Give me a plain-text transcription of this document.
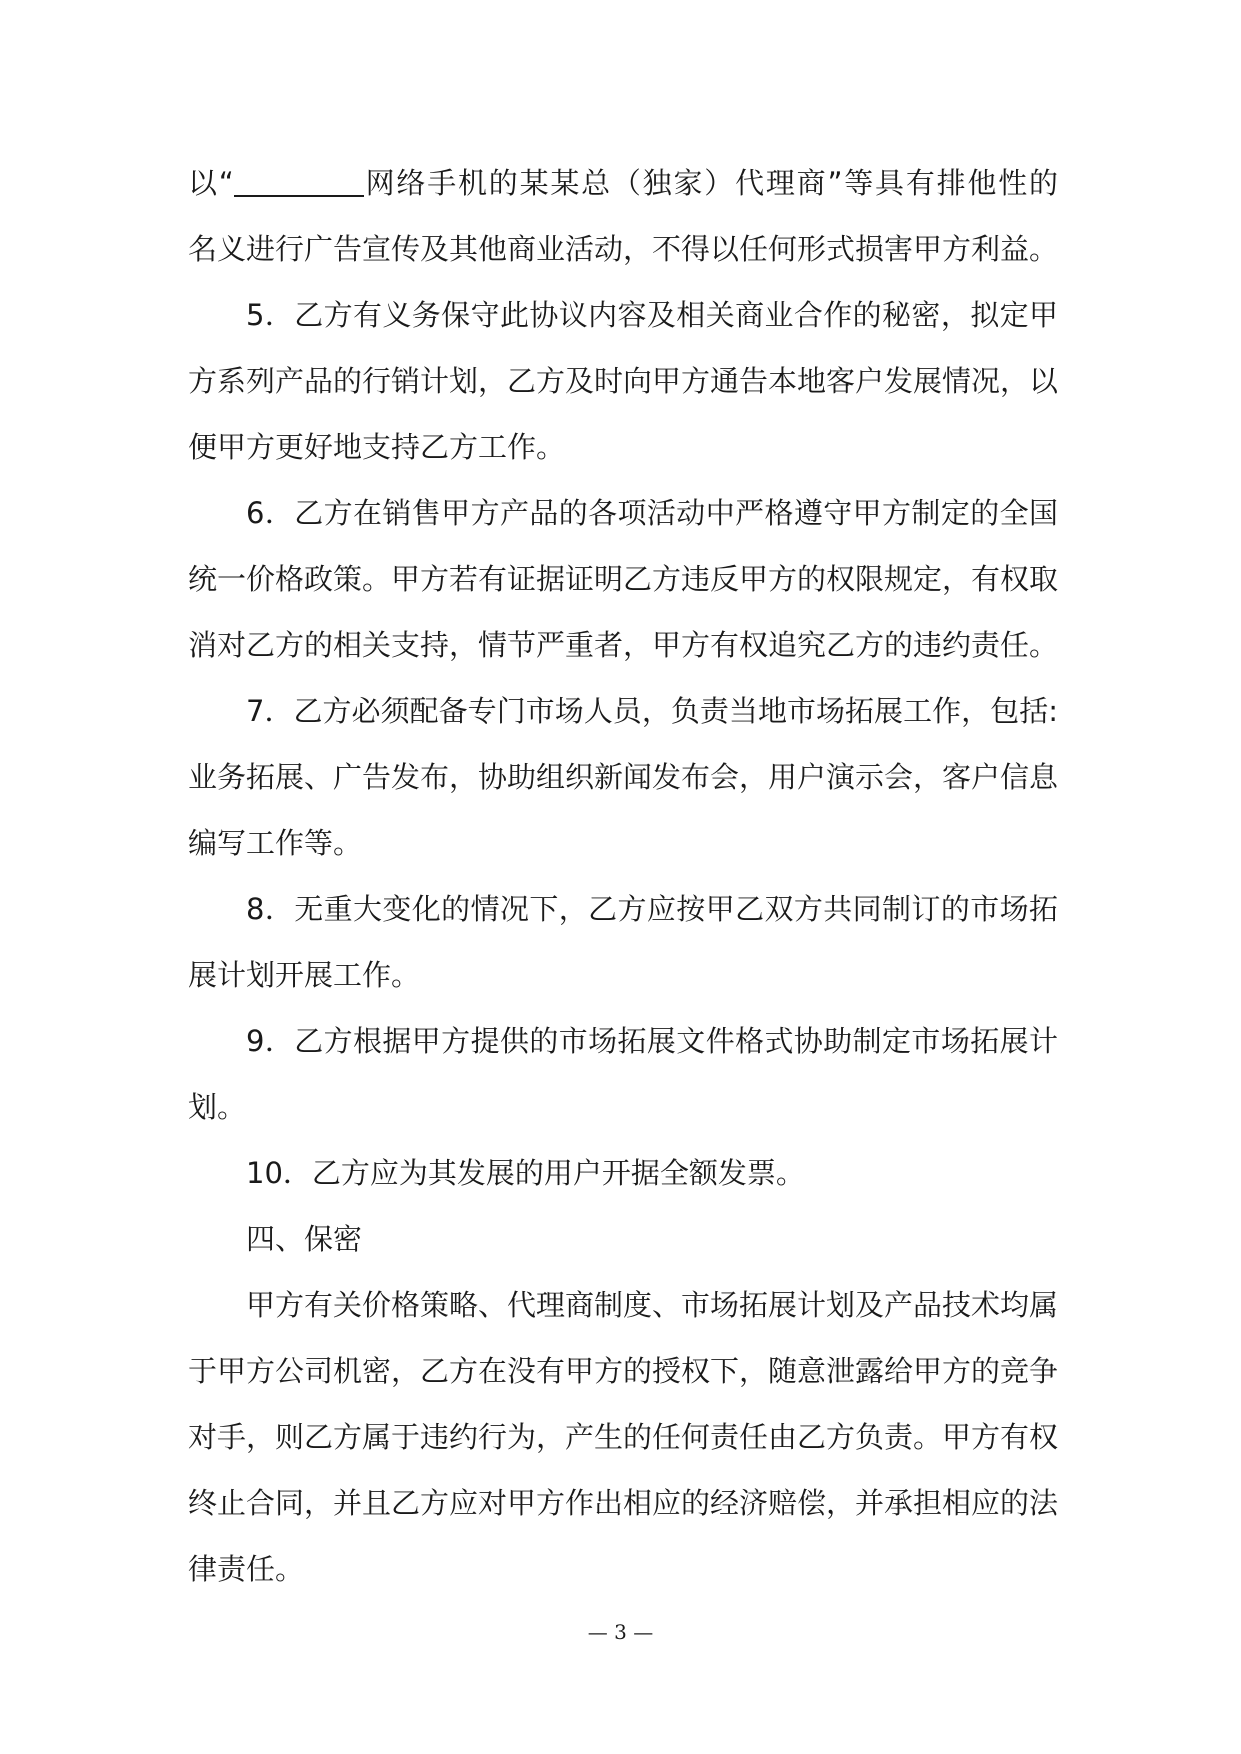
以“	网络手机的某某总（独家）代理商”等具有排他性的
名义进行广告宣传及其他商业活动，不得以任何形式损害甲方利益。
5．乙方有义务保守此协议内容及相关商业合作的秘密，拟定甲
方系列产品的行销计划，乙方及时向甲方通告本地客户发展情况，以
便甲方更好地支持乙方工作。
6．乙方在销售甲方产品的各项活动中严格遵守甲方制定的全国
统一价格政策。甲方若有证据证明乙方违反甲方的权限规定，有权取
消对乙方的相关支持，情节严重者，甲方有权追究乙方的违约责任。
7．乙方必须配备专门市场人员，负责当地市场拓展工作，包括:
业务拓展、广告发布，协助组织新闻发布会，用户演示会，客户信息
编写工作等。
8．无重大变化的情况下，乙方应按甲乙双方共同制订的市场拓
展计划开展工作。
9．乙方根据甲方提供的市场拓展文件格式协助制定市场拓展计
划。
10．乙方应为其发展的用户开据全额发票。
四、保密
甲方有关价格策略、代理商制度、市场拓展计划及产品技术均属
于甲方公司机密，乙方在没有甲方的授权下，随意泄露给甲方的竞争
对手，则乙方属于违约行为，产生的任何责任由乙方负责。甲方有权
终止合同，并且乙方应对甲方作出相应的经济赔偿，并承担相应的法
律责任。
— 3 —
